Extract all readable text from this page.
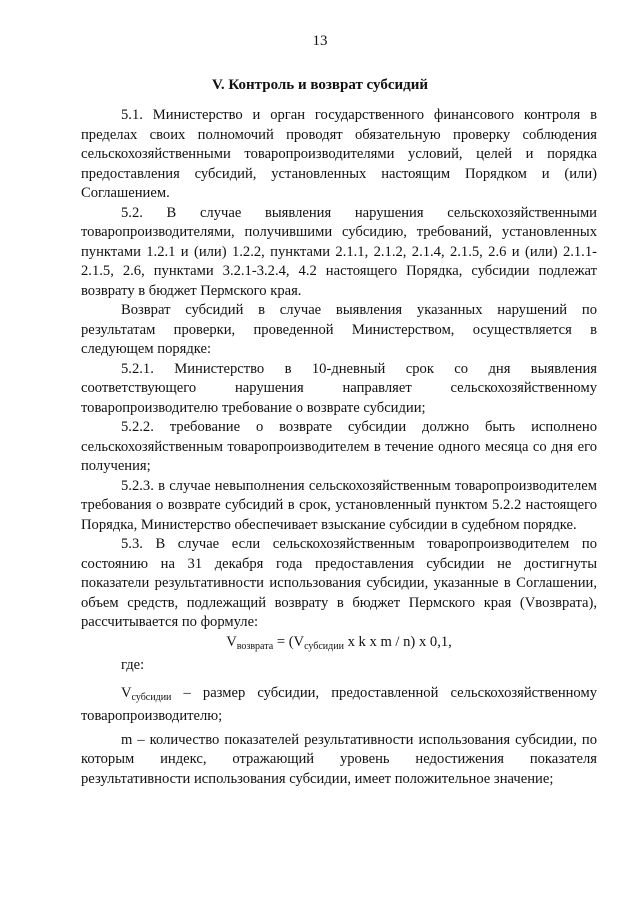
13
V. Контроль и возврат субсидий

5.1. Министерство и орган государственного финансового контроля в пределах своих полномочий проводят обязательную проверку соблюдения сельскохозяйственными товаропроизводителями условий, целей и порядка предоставления субсидий, установленных настоящим Порядком и (или) Соглашением.

5.2. В случае выявления нарушения сельскохозяйственными товаропроизводителями, получившими субсидию, требований, установленных пунктами 1.2.1 и (или) 1.2.2, пунктами 2.1.1, 2.1.2, 2.1.4, 2.1.5, 2.6 и (или) 2.1.1-2.1.5, 2.6, пунктами 3.2.1-3.2.4, 4.2 настоящего Порядка, субсидии подлежат возврату в бюджет Пермского края.

Возврат субсидий в случае выявления указанных нарушений по результатам проверки, проведенной Министерством, осуществляется в следующем порядке:

5.2.1. Министерство в 10-дневный срок со дня выявления соответствующего нарушения направляет сельскохозяйственному товаропроизводителю требование о возврате субсидии;

5.2.2. требование о возврате субсидии должно быть исполнено сельскохозяйственным товаропроизводителем в течение одного месяца со дня его получения;

5.2.3. в случае невыполнения сельскохозяйственным товаропроизводителем требования о возврате субсидий в срок, установленный пунктом 5.2.2 настоящего Порядка, Министерство обеспечивает взыскание субсидии в судебном порядке.

5.3. В случае если сельскохозяйственным товаропроизводителем по состоянию на 31 декабря года предоставления субсидии не достигнуты показатели результативности использования субсидии, указанные в Соглашении, объем средств, подлежащий возврату в бюджет Пермского края (Vвозврата), рассчитывается по формуле:

$V_{возврата} = (V_{субсидии}$ x k x m / n) x 0,1,

где:

$V_{субсидии}$ – размер субсидии, предоставленной сельскохозяйственному товаропроизводителю;

m – количество показателей результативности использования субсидии, по которым индекс, отражающий уровень недостижения показателя результативности использования субсидии, имеет положительное значение;
